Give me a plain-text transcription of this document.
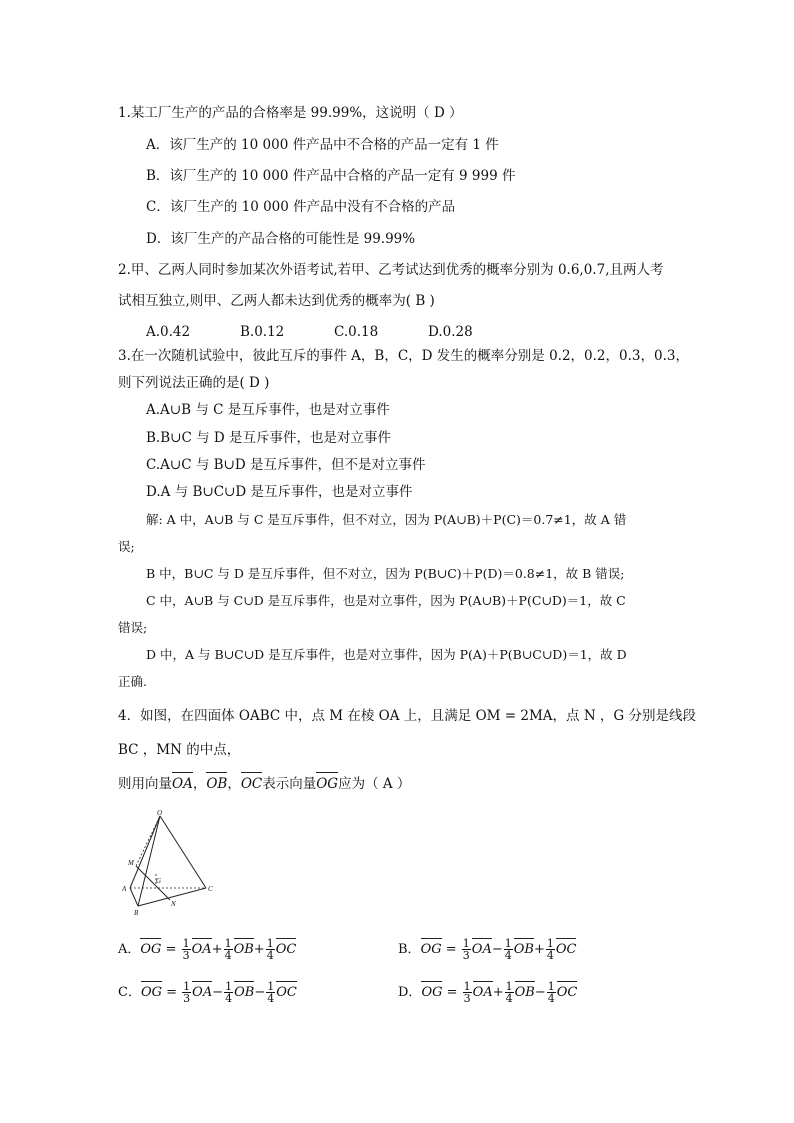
1.某工厂生产的产品的合格率是 99.99%，这说明（ D ）
A．该厂生产的 10 000 件产品中不合格的产品一定有 1 件
B．该厂生产的 10 000 件产品中合格的产品一定有 9 999 件
C．该厂生产的 10 000 件产品中没有不合格的产品
D．该厂生产的产品合格的可能性是 99.99%
2.甲、乙两人同时参加某次外语考试,若甲、乙考试达到优秀的概率分别为 0.6,0.7,且两人考
试相互独立,则甲、乙两人都未达到优秀的概率为( B )
A.0.42	B.0.12	C.0.18	D.0.28
3.在一次随机试验中，彼此互斥的事件 A，B，C，D 发生的概率分别是 0.2，0.2，0.3，0.3，
则下列说法正确的是( D )
A.A∪B 与 C 是互斥事件，也是对立事件
B.B∪C 与 D 是互斥事件，也是对立事件
C.A∪C 与 B∪D 是互斥事件，但不是对立事件
D.A 与 B∪C∪D 是互斥事件，也是对立事件
解: A 中，A∪B 与 C 是互斥事件，但不对立，因为 P(A∪B)＋P(C)＝0.7≠1，故 A 错
误;
B 中，B∪C 与 D 是互斥事件，但不对立，因为 P(B∪C)＋P(D)＝0.8≠1，故 B 错误;
C 中，A∪B 与 C∪D 是互斥事件，也是对立事件，因为 P(A∪B)＋P(C∪D)＝1，故 C
错误;
D 中，A 与 B∪C∪D 是互斥事件，也是对立事件，因为 P(A)＋P(B∪C∪D)＝1，故 D
正确.
4．如图，在四面体 OABC 中，点 M 在棱 OA 上，且满足 OM = 2MA，点 N ，G 分别是线段
BC ，MN 的中点，
则用向量OA，OB，OC表示向量OG应为（ A ）
O
M
A
G
C
N
B
A．OG = $\frac{1}{3} OA+ \frac{1}{4} OB+ \frac{1}{4}$ OC	B．OG = $\frac{1}{3} OA- \frac{1}{4} OB+ \frac{1}{4}$ OC
C．OG = $\frac{1}{3} OA- \frac{1}{4} OB- \frac{1}{4}$ OC	D．OG = $\frac{1}{3} OA+ \frac{1}{4} OB- \frac{1}{4}$ OC
